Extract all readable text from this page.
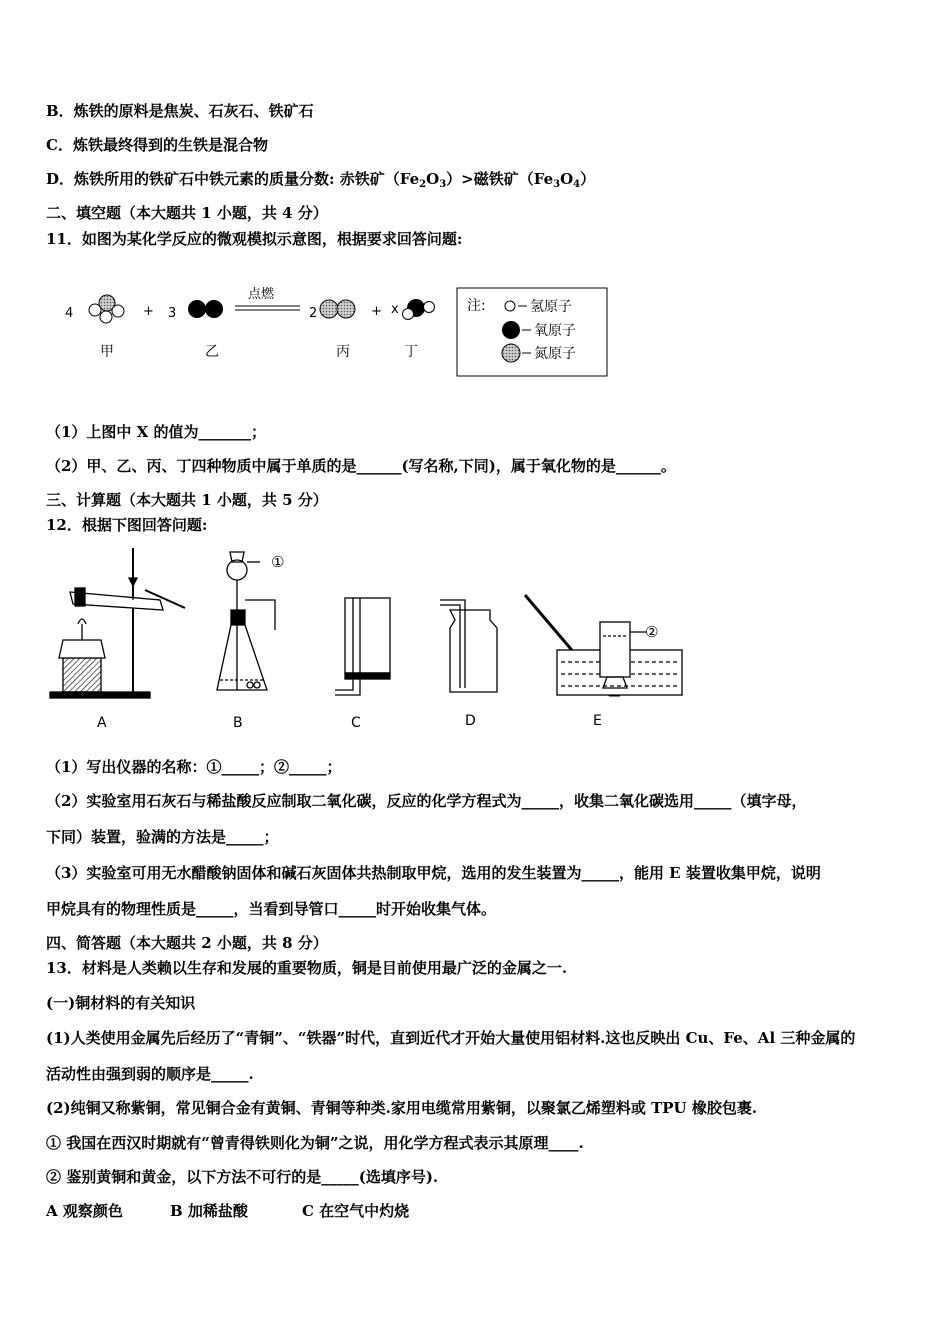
B．炼铁的原料是焦炭、石灰石、铁矿石
C．炼铁最终得到的生铁是混合物
D．炼铁所用的铁矿石中铁元素的质量分数: 赤铁矿$(Fe_2O_3)>$磁铁矿$(Fe_3O_4)$
二、填空题（本大题共 1 小题，共 4 分）
11．如图为某化学反应的微观模拟示意图，根据要求回答问题:
4	+ 3
点燃
2	+ x
甲	乙	丙	丁
注:	氢原子
氧原子
氮原子
（1）上图中 X 的值为_______；
（2）甲、乙、丙、丁四种物质中属于单质的是______(写名称,下同)，属于氧化物的是______。
三、计算题（本大题共 1 小题，共 5 分）
12．根据下图回答问题:
①
②
A	B	C	D	E
（1）写出仪器的名称：①_____；②_____；
（2）实验室用石灰石与稀盐酸反应制取二氧化碳，反应的化学方程式为_____，收集二氧化碳选用_____（填字母，
下同）装置，验满的方法是_____；
（3）实验室可用无水醋酸钠固体和碱石灰固体共热制取甲烷，选用的发生装置为_____，能用 E 装置收集甲烷，说明
甲烷具有的物理性质是_____，当看到导管口_____时开始收集气体。
四、简答题（本大题共 2 小题，共 8 分）
13．材料是人类赖以生存和发展的重要物质，铜是目前使用最广泛的金属之一.
(一)铜材料的有关知识
(1)人类使用金属先后经历了“青铜”、“铁器”时代，直到近代才开始大量使用铝材料.这也反映出 Cu、Fe、Al 三种金属的
活动性由强到弱的顺序是_____.
(2)纯铜又称紫铜，常见铜合金有黄铜、青铜等种类.家用电缆常用紫铜，以聚氯乙烯塑料或 TPU 橡胶包裹.
① 我国在西汉时期就有“曾青得铁则化为铜”之说，用化学方程式表示其原理____.
② 鉴别黄铜和黄金，以下方法不可行的是_____(选填序号).
A 观察颜色	B 加稀盐酸	C 在空气中灼烧
